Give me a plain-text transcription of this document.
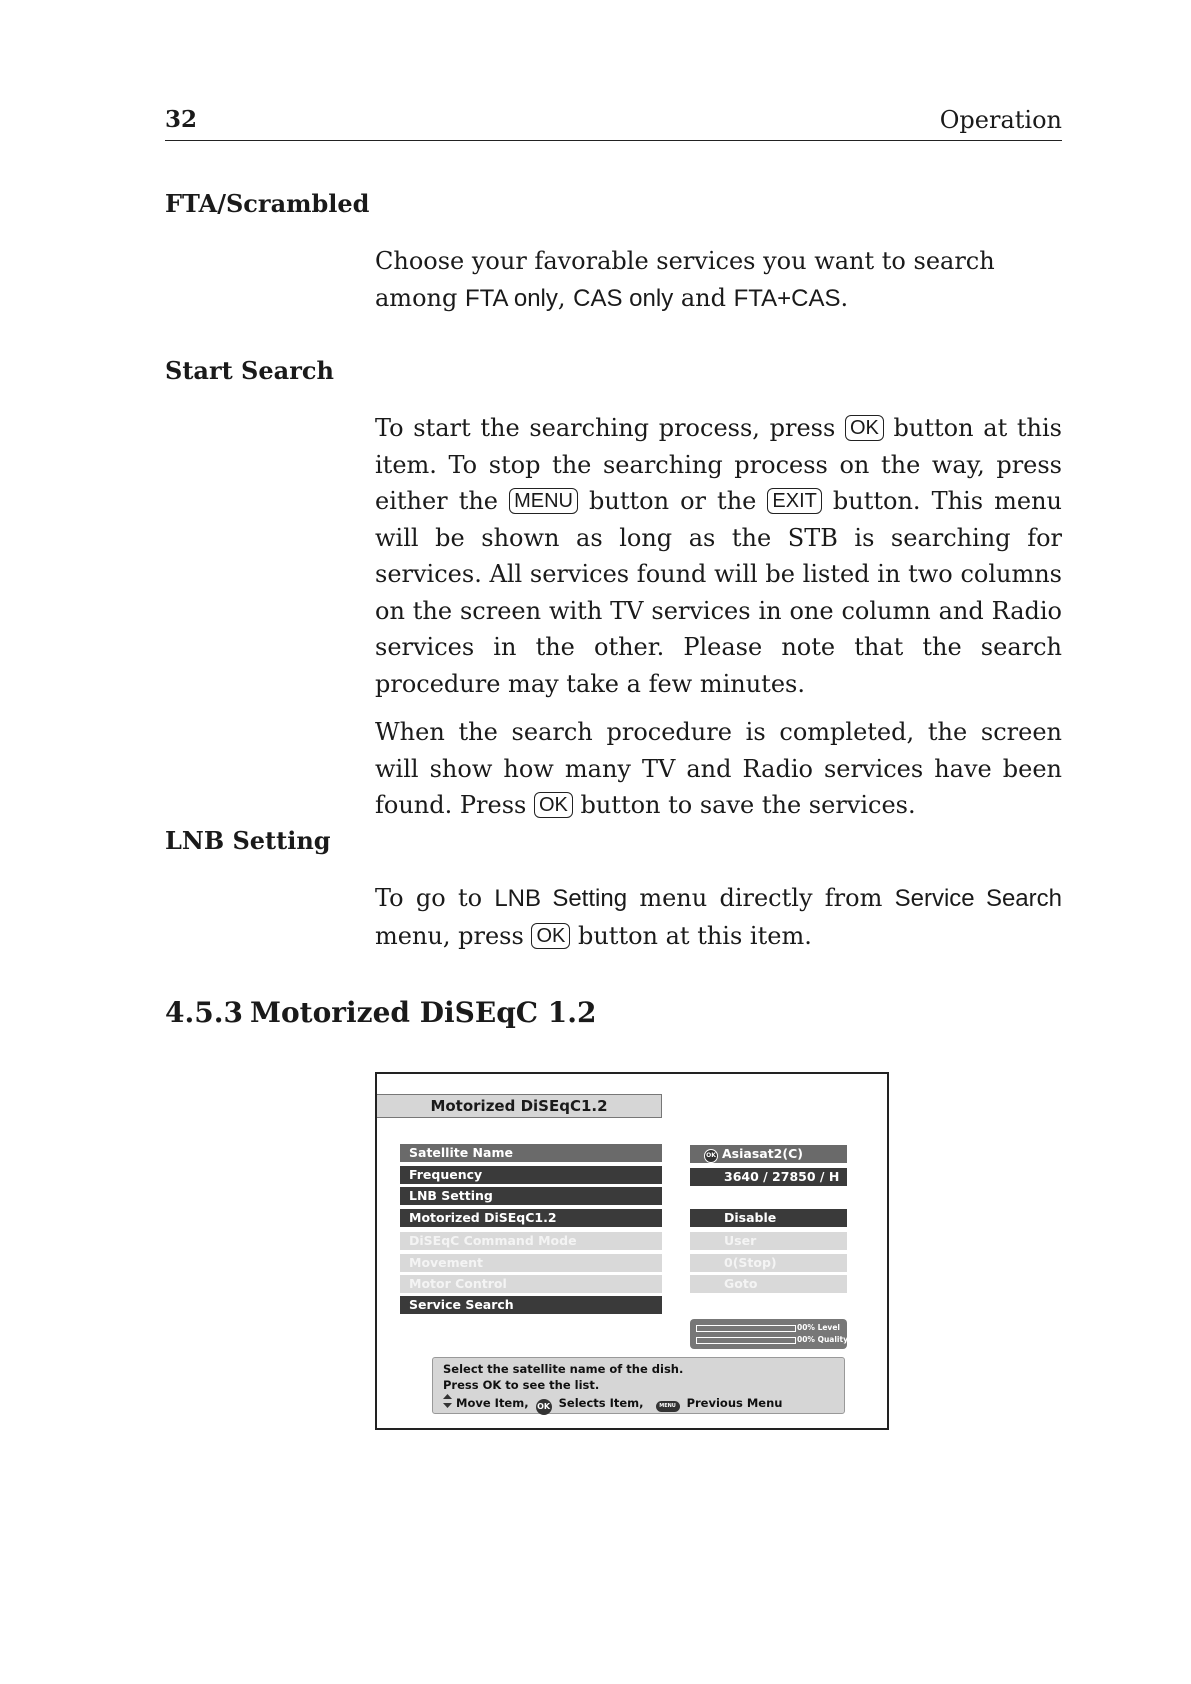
32	Operation
FTA/Scrambled

Choose your favorable services you want to search among FTA only, CAS only and FTA+CAS.

Start Search

To start the searching process, press OK button at this item. To stop the searching process on the way, press either the MENU button or the EXIT button. This menu will be shown as long as the STB is searching for services. All services found will be listed in two columns on the screen with TV services in one column and Radio services in the other. Please note that the search procedure may take a few minutes.

When the search procedure is completed, the screen will show how many TV and Radio services have been found. Press OK button to save the services.

LNB Setting

To go to LNB Setting menu directly from Service Search menu, press OK button at this item.

4.5.3 Motorized DiSEqC 1.2
Motorized DiSEqC1.2
Satellite Name
Frequency
LNB Setting
Motorized DiSEqC1.2
DiSEqC Command Mode
Movement
Motor Control
Service Search
OK Asiasat2(C)
3640 / 27850 / H
Disable
User
0(Stop)
Goto
00% Level
00% Quality
Select the satellite name of the dish.
Press OK to see the list.
Move Item, OK Selects Item,	MENU Previous Menu
